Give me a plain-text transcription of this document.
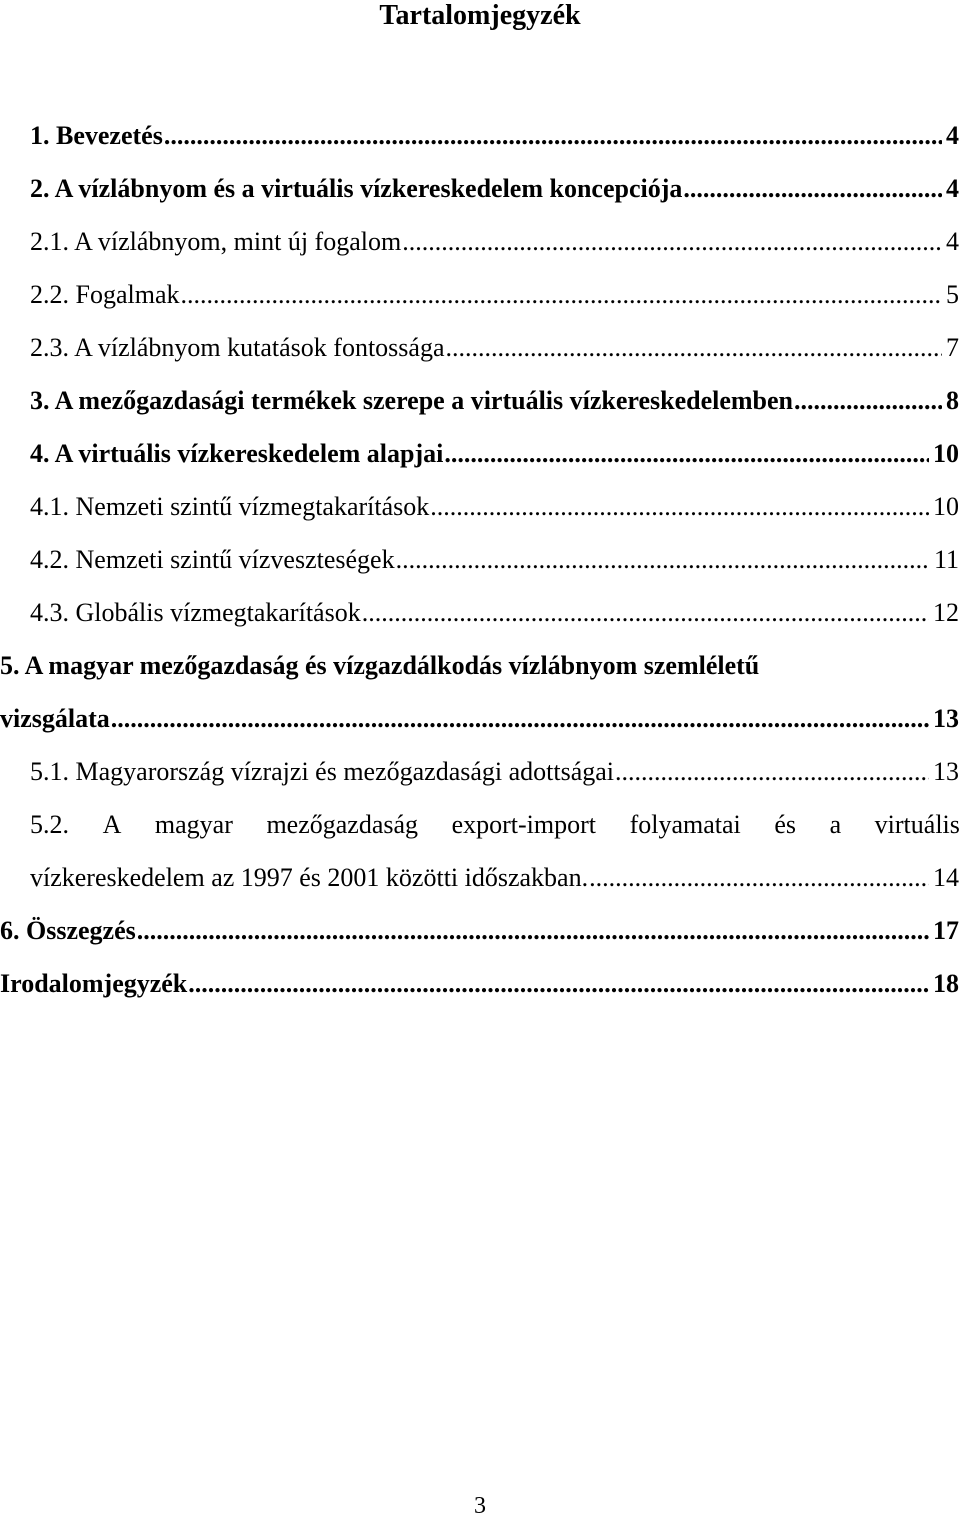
Tartalomjegyzék
1. Bevezetés .....	4
2. A vízlábnyom és a virtuális vízkereskedelem koncepciója .....	4
2.1. A vízlábnyom, mint új fogalom .....	4
2.2. Fogalmak .....	5
2.3. A vízlábnyom kutatások fontossága .....	7
3. A mezőgazdasági termékek szerepe a virtuális vízkereskedelemben .....	8
4. A virtuális vízkereskedelem alapjai .....	10
4.1. Nemzeti szintű vízmegtakarítások .....	10
4.2. Nemzeti szintű vízveszteségek .....	11
4.3. Globális vízmegtakarítások .....	12
5. A magyar mezőgazdaság és vízgazdálkodás vízlábnyom szemléletű
vizsgálata .....	13
5.1. Magyarország vízrajzi és mezőgazdasági adottságai .....	13
5.2. A magyar mezőgazdaság export-import folyamatai és a virtuális
vízkereskedelem az 1997 és 2001 közötti időszakban. .....	14
6. Összegzés .....	17
Irodalomjegyzék .....	18
3
